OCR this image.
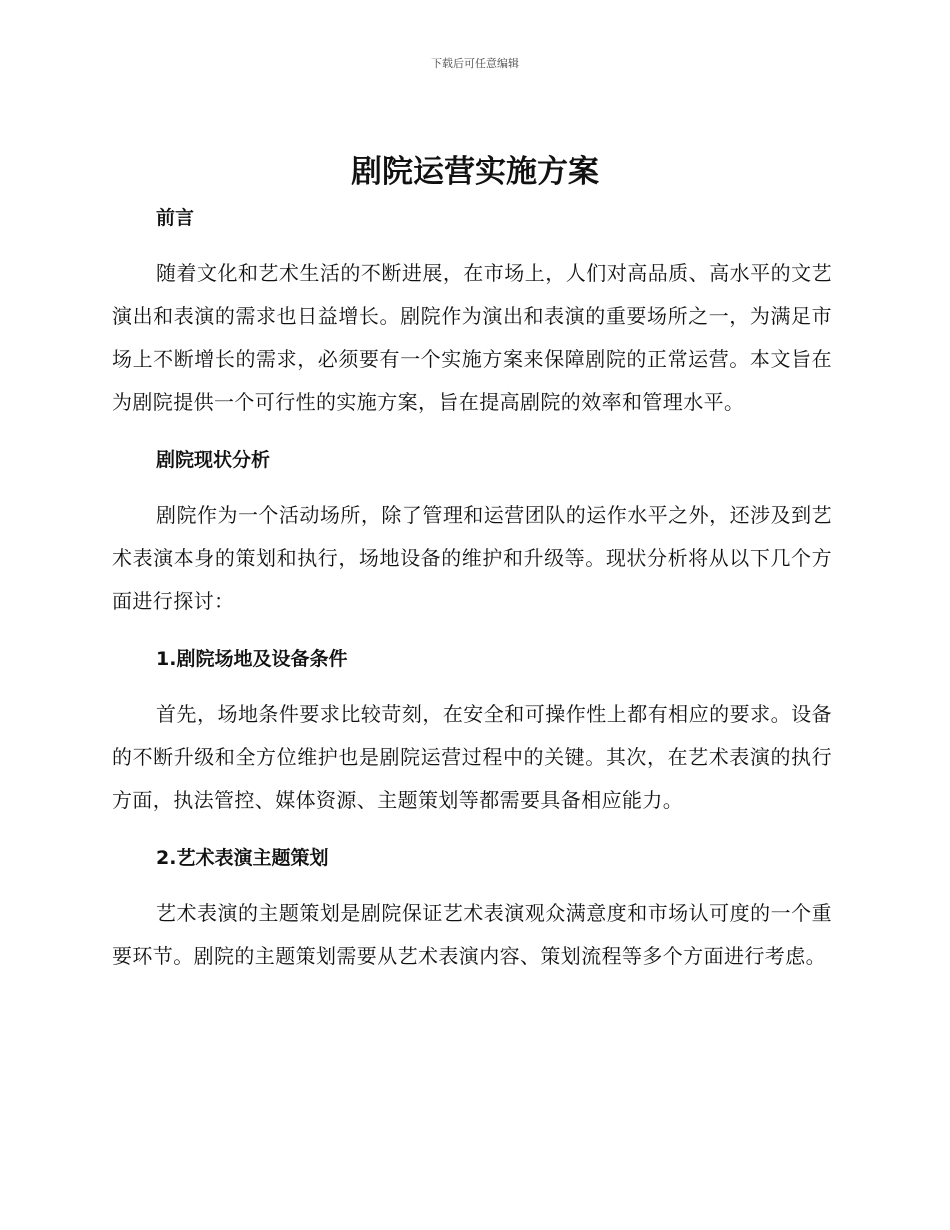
下载后可任意编辑
剧院运营实施方案
前言

随着文化和艺术生活的不断进展，在市场上，人们对高品质、高水平的文艺演出和表演的需求也日益增长。剧院作为演出和表演的重要场所之一，为满足市场上不断增长的需求，必须要有一个实施方案来保障剧院的正常运营。本文旨在为剧院提供一个可行性的实施方案，旨在提高剧院的效率和管理水平。

剧院现状分析

剧院作为一个活动场所，除了管理和运营团队的运作水平之外，还涉及到艺术表演本身的策划和执行，场地设备的维护和升级等。现状分析将从以下几个方面进行探讨：

1.剧院场地及设备条件

首先，场地条件要求比较苛刻，在安全和可操作性上都有相应的要求。设备的不断升级和全方位维护也是剧院运营过程中的关键。其次，在艺术表演的执行方面，执法管控、媒体资源、主题策划等都需要具备相应能力。

2.艺术表演主题策划

艺术表演的主题策划是剧院保证艺术表演观众满意度和市场认可度的一个重要环节。剧院的主题策划需要从艺术表演内容、策划流程等多个方面进行考虑。
